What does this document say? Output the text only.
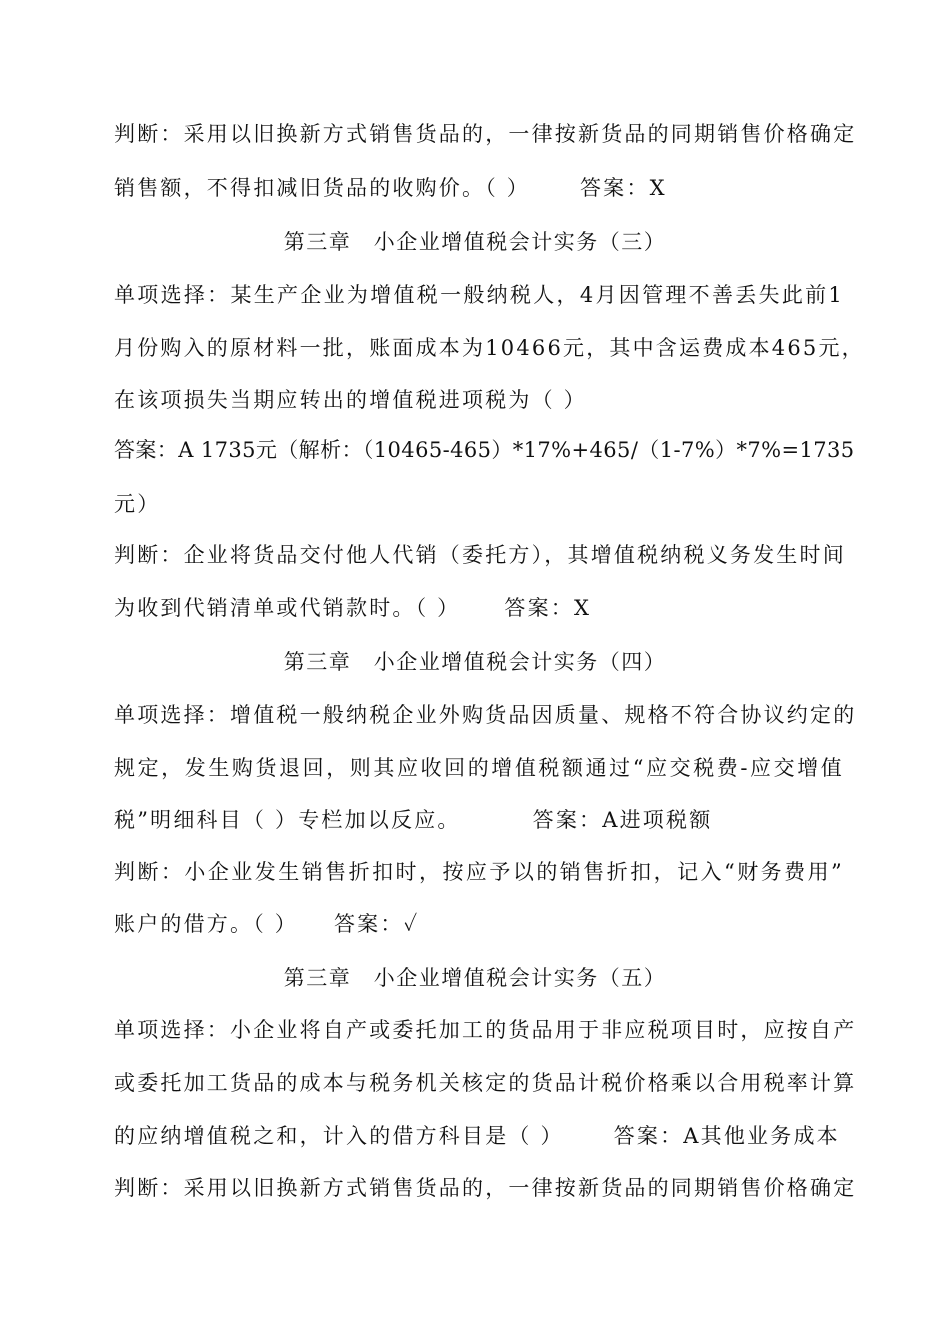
判断：采用以旧换新方式销售货品的，一律按新货品的同期销售价格确定
销售额，不得扣减旧货品的收购价。（ ） 答案：X
第三章　小企业增值税会计实务（三）
单项选择：某生产企业为增值税一般纳税人，4月因管理不善丢失此前1
月份购入的原材料一批，账面成本为10466元，其中含运费成本465元，
在该项损失当期应转出的增值税进项税为（ ）
答案：A 1735元（解析：（10465-465）*17%+465/（1-7%）*7%=1735
元）
判断：企业将货品交付他人代销（委托方），其增值税纳税义务发生时间
为收到代销清单或代销款时。（ ） 答案：X
第三章　小企业增值税会计实务（四）
单项选择：增值税一般纳税企业外购货品因质量、规格不符合协议约定的
规定，发生购货退回，则其应收回的增值税额通过“应交税费-应交增值
税”明细科目（ ）专栏加以反应。	答案：A进项税额
判断：小企业发生销售折扣时，按应予以的销售折扣，记入“财务费用”
账户的借方。（ ） 答案：✓
第三章　小企业增值税会计实务（五）
单项选择：小企业将自产或委托加工的货品用于非应税项目时，应按自产
或委托加工货品的成本与税务机关核定的货品计税价格乘以合用税率计算
的应纳增值税之和，计入的借方科目是（ ） 答案：A其他业务成本
判断：采用以旧换新方式销售货品的，一律按新货品的同期销售价格确定
